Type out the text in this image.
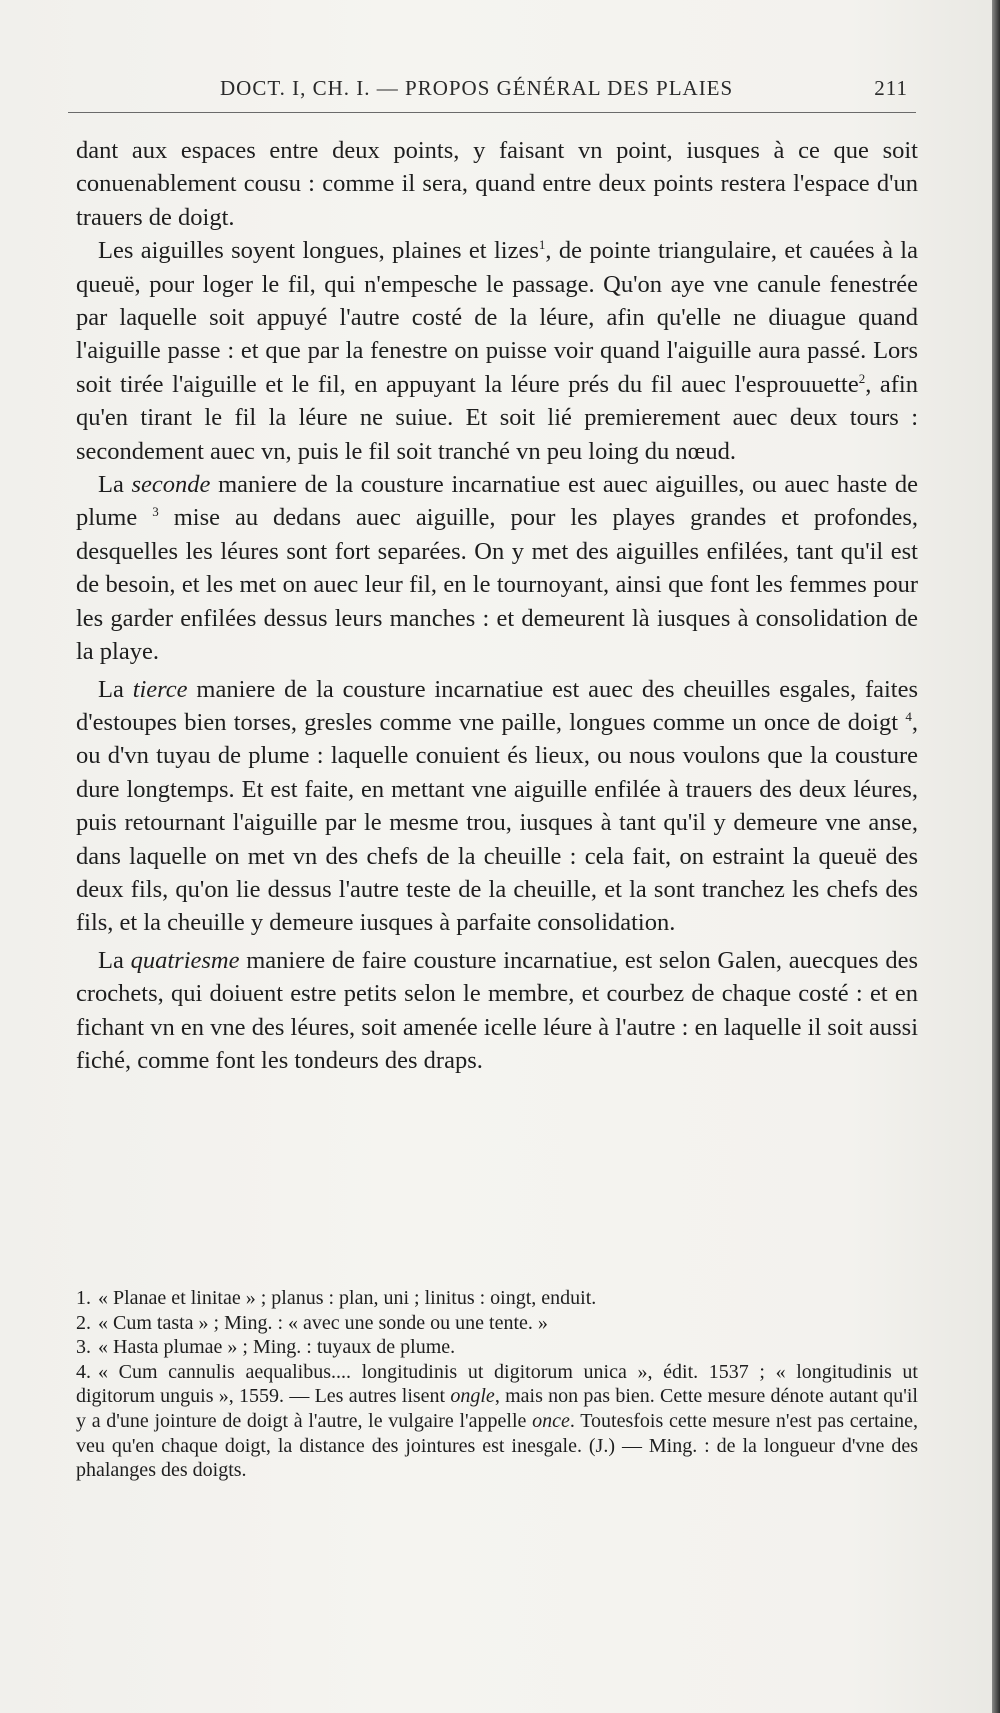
DOCT. I, CH. I. — PROPOS GÉNÉRAL DES PLAIES	211

dant aux espaces entre deux points, y faisant vn point, iusques à ce que soit conuenablement cousu : comme il sera, quand entre deux points restera l'espace d'un trauers de doigt.

Les aiguilles soyent longues, plaines et lizes$^1$, de pointe triangulaire, et cauées à la queuë, pour loger le fil, qui n'empesche le passage. Qu'on aye vne canule fenestrée par laquelle soit appuyé l'autre costé de la léure, afin qu'elle ne diuague quand l'aiguille passe : et que par la fenestre on puisse voir quand l'aiguille aura passé. Lors soit tirée l'aiguille et le fil, en appuyant la léure prés du fil auec l'esprouuette$^2$, afin qu'en tirant le fil la léure ne suiue. Et soit lié premierement auec deux tours : secondement auec vn, puis le fil soit tranché vn peu loing du nœud.

La seconde maniere de la cousture incarnatiue est auec aiguilles, ou auec haste de plume $^3$ mise au dedans auec aiguille, pour les playes grandes et profondes, desquelles les léures sont fort separées. On y met des aiguilles enfilées, tant qu'il est de besoin, et les met on auec leur fil, en le tournoyant, ainsi que font les femmes pour les garder enfilées dessus leurs manches : et demeurent là iusques à consolidation de la playe.

La tierce maniere de la cousture incarnatiue est auec des cheuilles esgales, faites d'estoupes bien torses, gresles comme vne paille, longues comme un once de doigt $^4$, ou d'vn tuyau de plume : laquelle conuient és lieux, ou nous voulons que la cousture dure longtemps. Et est faite, en mettant vne aiguille enfilée à trauers des deux léures, puis retournant l'aiguille par le mesme trou, iusques à tant qu'il y demeure vne anse, dans laquelle on met vn des chefs de la cheuille : cela fait, on estraint la queuë des deux fils, qu'on lie dessus l'autre teste de la cheuille, et la sont tranchez les chefs des fils, et la cheuille y demeure iusques à parfaite consolidation.

La quatriesme maniere de faire cousture incarnatiue, est selon Galen, auecques des crochets, qui doiuent estre petits selon le membre, et courbez de chaque costé : et en fichant vn en vne des léures, soit amenée icelle léure à l'autre : en laquelle il soit aussi fiché, comme font les tondeurs des draps.

1. « Planae et linitae » ; planus : plan, uni ; linitus : oingt, enduit.

2. « Cum tasta » ; Ming. : « avec une sonde ou une tente. »

3. « Hasta plumae » ; Ming. : tuyaux de plume.

4. « Cum cannulis aequalibus.... longitudinis ut digitorum unica », édit. 1537 ; « longitudinis ut digitorum unguis », 1559. — Les autres lisent ongle, mais non pas bien. Cette mesure dénote autant qu'il y a d'une jointure de doigt à l'autre, le vulgaire l'appelle once. Toutesfois cette mesure n'est pas certaine, veu qu'en chaque doigt, la distance des jointures est inesgale. (J.) — Ming. : de la longueur d'vne des phalanges des doigts.
